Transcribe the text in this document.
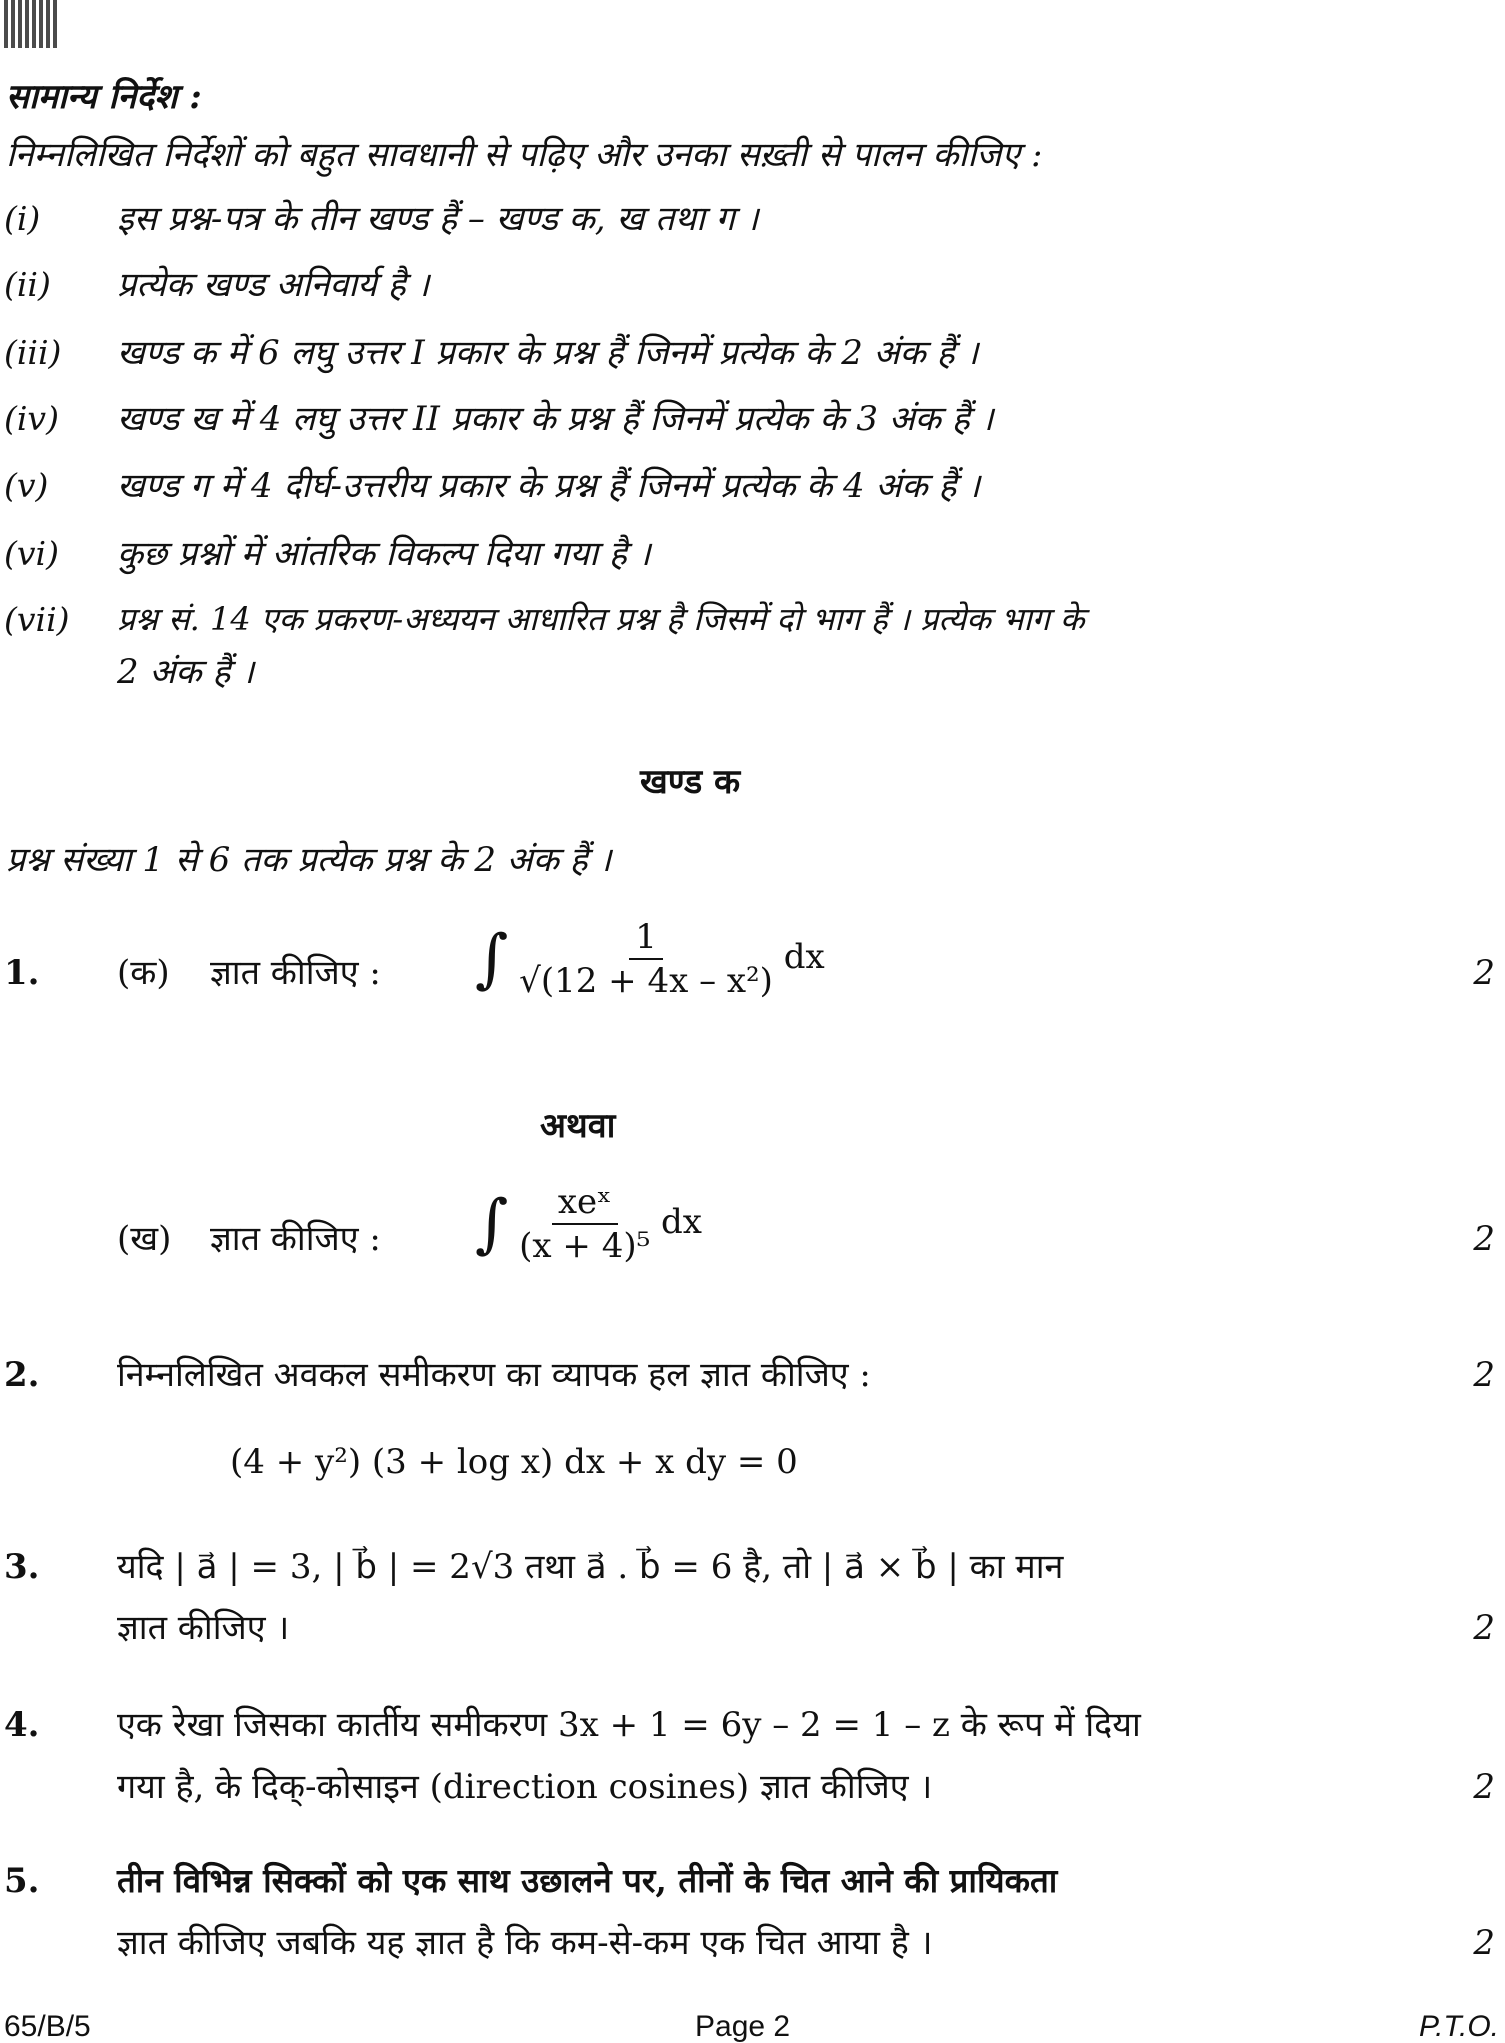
सामान्य निर्देश :
निम्नलिखित निर्देशों को बहुत सावधानी से पढ़िए और उनका सख़्ती से पालन कीजिए :
(i) इस प्रश्न-पत्र के तीन खण्ड हैं – खण्ड क, ख तथा ग ।
(ii) प्रत्येक खण्ड अनिवार्य है ।
(iii) खण्ड क में 6 लघु उत्तर I प्रकार के प्रश्न हैं जिनमें प्रत्येक के 2 अंक हैं ।
(iv) खण्ड ख में 4 लघु उत्तर II प्रकार के प्रश्न हैं जिनमें प्रत्येक के 3 अंक हैं ।
(v) खण्ड ग में 4 दीर्घ-उत्तरीय प्रकार के प्रश्न हैं जिनमें प्रत्येक के 4 अंक हैं ।
(vi) कुछ प्रश्नों में आंतरिक विकल्प दिया गया है ।
(vii) प्रश्न सं. 14 एक प्रकरण-अध्ययन आधारित प्रश्न है जिसमें दो भाग हैं । प्रत्येक भाग के
2 अंक हैं ।
खण्ड क
प्रश्न संख्या 1 से 6 तक प्रत्येक प्रश्न के 2 अंक हैं ।
1. (क) ज्ञात कीजिए : ∫ $\frac{1}{\text{√(12 + 4x – x²)}}$ dx	2
अथवा
(ख) ज्ञात कीजिए : ∫ $\frac{\text{xeˣ}}{\text{(x + 4)⁵}}$ dx	2
2. निम्नलिखित अवकल समीकरण का व्यापक हल ज्ञात कीजिए :	2
(4 + y²) (3 + log x) dx + x dy = 0
3. यदि | a⃗ | = 3, | b⃗ | = 2√3 तथा a⃗ . b⃗ = 6 है, तो | a⃗ × b⃗ | का मान
ज्ञात कीजिए ।	2
4. एक रेखा जिसका कार्तीय समीकरण 3x + 1 = 6y – 2 = 1 – z के रूप में दिया
गया है, के दिक्-कोसाइन (direction cosines) ज्ञात कीजिए ।	2
5. तीन विभिन्न सिक्कों को एक साथ उछालने पर, तीनों के चित आने की प्रायिकता
ज्ञात कीजिए जबकि यह ज्ञात है कि कम-से-कम एक चित आया है ।	2
65/B/5	Page 2	P.T.O.
